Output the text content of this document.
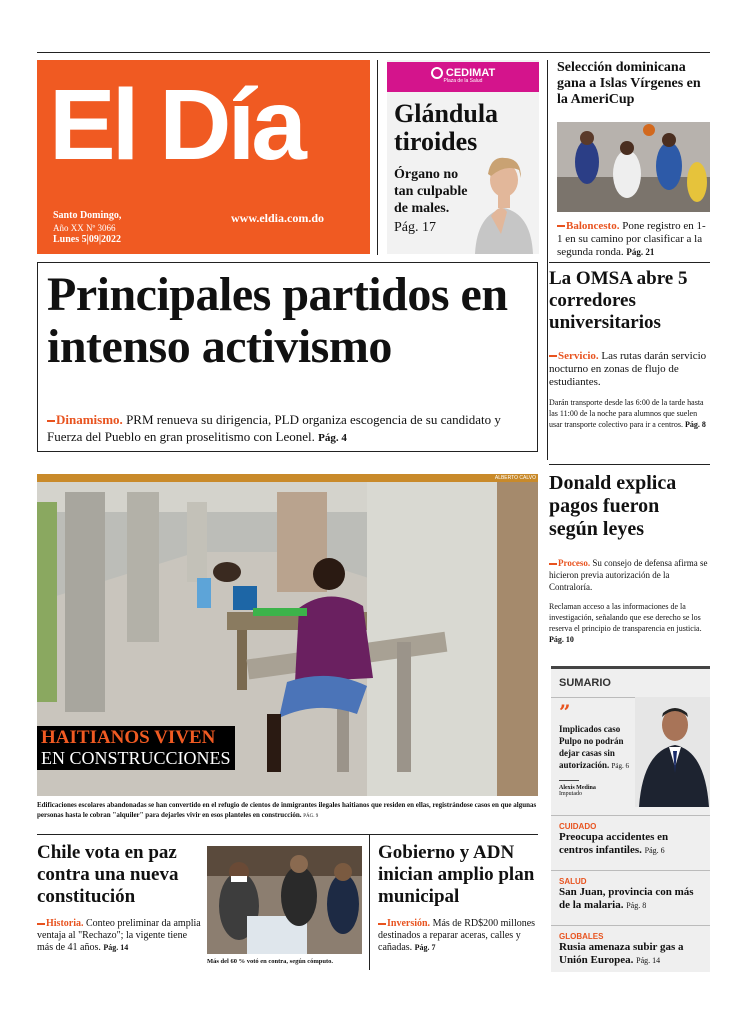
El Día
Santo Domingo,
Año XX Nº 3066
Lunes 5|09|2022
www.eldia.com.do
CEDIMAT
Plaza de la Salud
Glándula
tiroides
Órgano no tan culpable de males.
Pág. 17
Selección dominicana gana a Islas Vírgenes en la AmeriCup
Baloncesto. Pone registro en 1-1 en su camino por clasificar a la segunda ronda. Pág. 21
Principales partidos en intenso activismo
Dinamismo. PRM renueva su dirigencia, PLD organiza escogencia de su candidato y Fuerza del Pueblo en gran proselitismo con Leonel. Pág. 4
La OMSA abre 5 corredores universitarios
Servicio. Las rutas darán servicio nocturno en zonas de flujo de estudiantes.
Darán transporte desde las 6:00 de la tarde hasta las 11:00 de la noche para alumnos que suelen usar transporte colectivo para ir a centros. Pág. 8
ALBERTO CALVO
HAITIANOS VIVEN
EN CONSTRUCCIONES
Edificaciones escolares abandonadas se han convertido en el refugio de cientos de inmigrantes ilegales haitianos que residen en ellas, registrándose casos en que algunas personas hasta le cobran "alquiler" para dejarles vivir en esos planteles en construcción. PÁG. 9
Donald explica pagos fueron según leyes
Proceso. Su consejo de defensa afirma se hicieron previa autorización de la Contraloría.
Reclaman acceso a las informaciones de la investigación, señalando que ese derecho se los reserva el principio de transparencia en justicia. Pág. 10
SUMARIO
”
Implicados caso Pulpo no podrán dejar casas sin autorización. Pág. 6
Alexis Medina
Imputado
CUIDADO
Preocupa accidentes en centros infantiles. Pág. 6
SALUD
San Juan, provincia con más de la malaria. Pág. 8
GLOBALES
Rusia amenaza subir gas a Unión Europea. Pág. 14
Chile vota en paz contra una nueva constitución
Historia. Conteo preliminar da amplia ventaja al "Rechazo"; la vigente tiene más de 41 años. Pág. 14
Más del 60 % votó en contra, según cómputo.
Gobierno y ADN inician amplio plan municipal
Inversión. Más de RD$200 millones destinados a reparar aceras, calles y cañadas. Pág. 7
